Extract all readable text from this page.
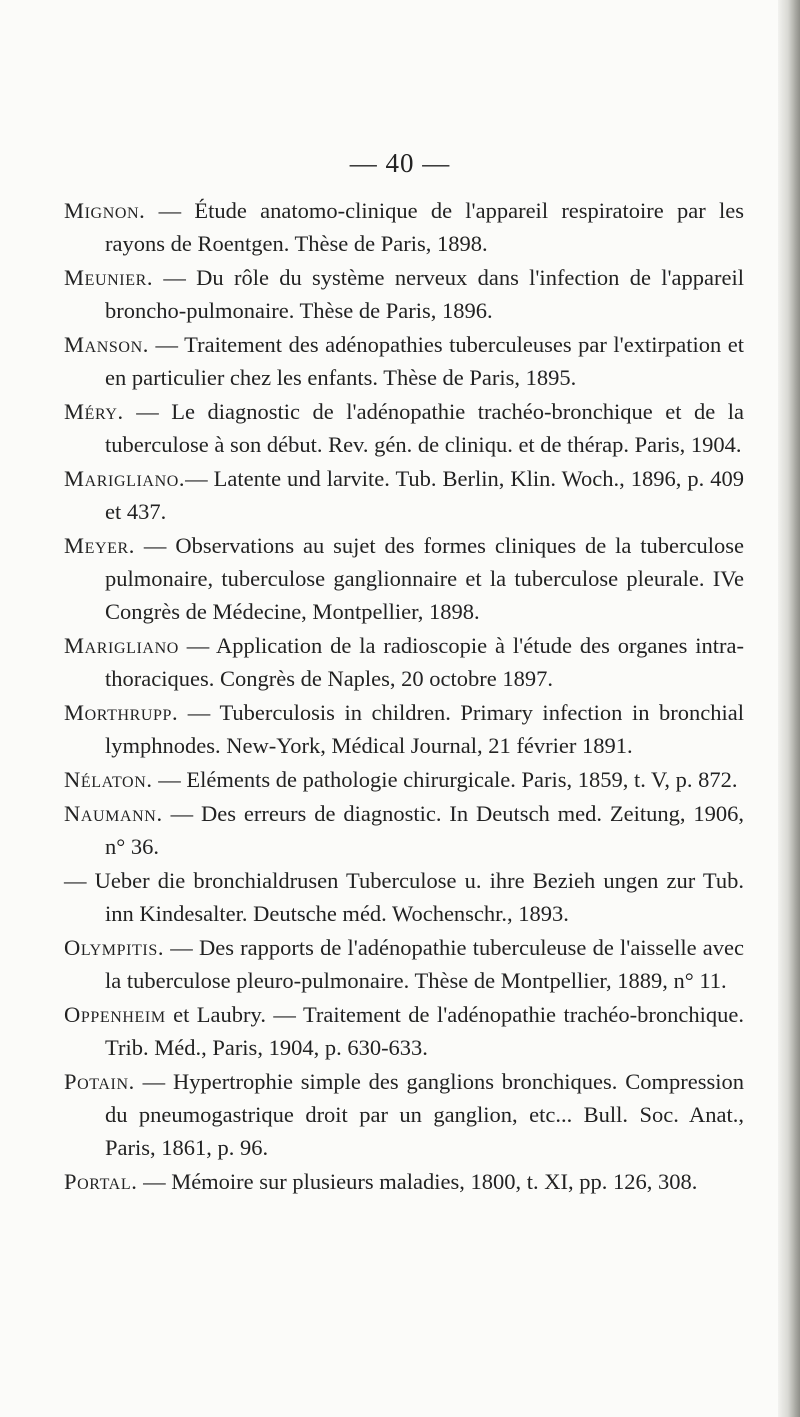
— 40 —

Mignon. — Étude anatomo-clinique de l'appareil respiratoire par les rayons de Roentgen. Thèse de Paris, 1898.

Meunier. — Du rôle du système nerveux dans l'infection de l'appareil broncho-pulmonaire. Thèse de Paris, 1896.

Manson. — Traitement des adénopathies tuberculeuses par l'extirpation et en particulier chez les enfants. Thèse de Paris, 1895.

Méry. — Le diagnostic de l'adénopathie trachéo-bronchique et de la tuberculose à son début. Rev. gén. de cliniqu. et de thérap. Paris, 1904.

Marigliano.— Latente und larvite. Tub. Berlin, Klin. Woch., 1896, p. 409 et 437.

Meyer. — Observations au sujet des formes cliniques de la tuberculose pulmonaire, tuberculose ganglionnaire et la tuberculose pleurale. IVe Congrès de Médecine, Montpellier, 1898.

Marigliano — Application de la radioscopie à l'étude des organes intra-thoraciques. Congrès de Naples, 20 octobre 1897.

Morthrupp. — Tuberculosis in children. Primary infection in bronchial lymphnodes. New-York, Médical Journal, 21 février 1891.

Nélaton. — Eléments de pathologie chirurgicale. Paris, 1859, t. V, p. 872.

Naumann. — Des erreurs de diagnostic. In Deutsch med. Zeitung, 1906, n° 36.

— Ueber die bronchialdrusen Tuberculose u. ihre Bezieh ungen zur Tub. inn Kindesalter. Deutsche méd. Wochenschr., 1893.

Olympitis. — Des rapports de l'adénopathie tuberculeuse de l'aisselle avec la tuberculose pleuro-pulmonaire. Thèse de Montpellier, 1889, n° 11.

Oppenheim et Laubry. — Traitement de l'adénopathie trachéo-bronchique. Trib. Méd., Paris, 1904, p. 630-633.

Potain. — Hypertrophie simple des ganglions bronchiques. Compression du pneumogastrique droit par un ganglion, etc... Bull. Soc. Anat., Paris, 1861, p. 96.

Portal. — Mémoire sur plusieurs maladies, 1800, t. XI, pp. 126, 308.
